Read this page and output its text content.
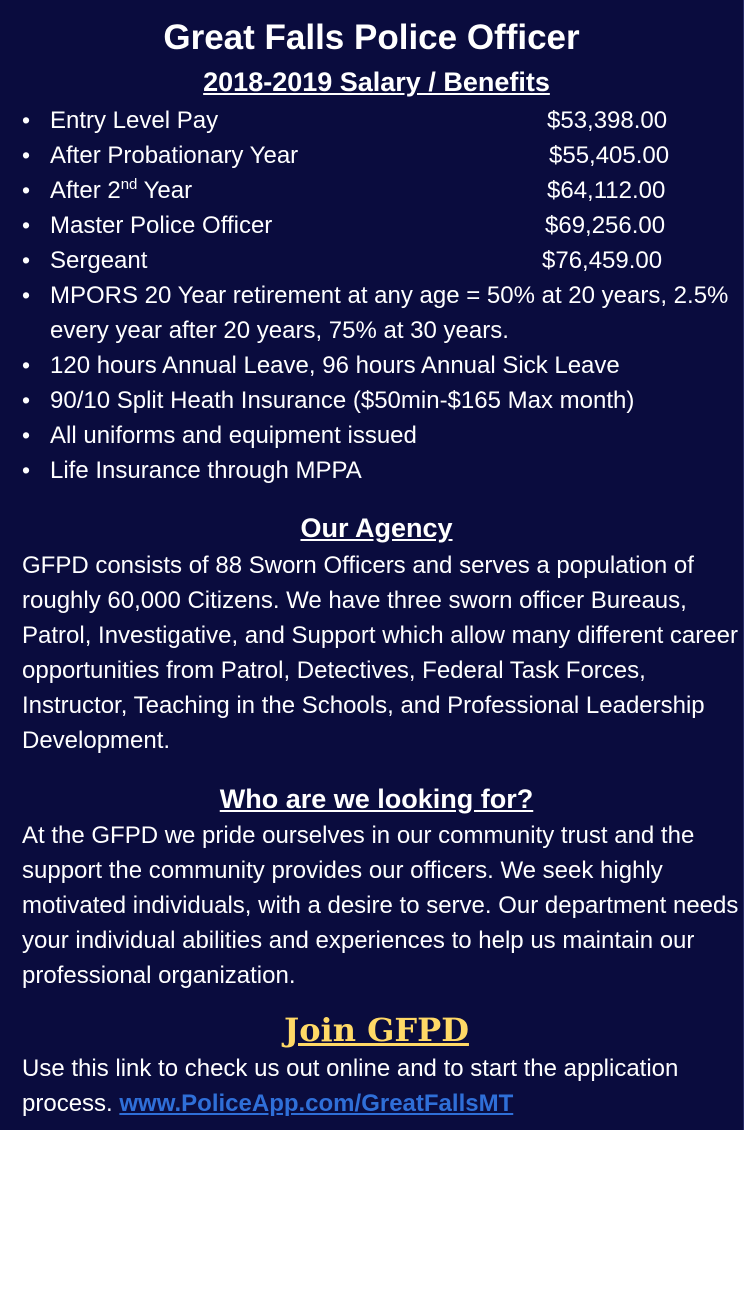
Great Falls Police Officer
2018-2019 Salary / Benefits
• Entry Level Pay	$53,398.00
• After Probationary Year	$55,405.00
• After 2nd Year	$64,112.00
• Master Police Officer	$69,256.00
• Sergeant	$76,459.00
• MPORS 20 Year retirement at any age = 50% at 20 years, 2.5% every year after 20 years, 75% at 30 years.
• 120 hours Annual Leave, 96 hours Annual Sick Leave
• 90/10 Split Heath Insurance ($50min-$165 Max month)
• All uniforms and equipment issued
• Life Insurance through MPPA
Our Agency
GFPD consists of 88 Sworn Officers and serves a population of roughly 60,000 Citizens. We have three sworn officer Bureaus, Patrol, Investigative, and Support which allow many different career opportunities from Patrol, Detectives, Federal Task Forces, Instructor, Teaching in the Schools, and Professional Leadership Development.
Who are we looking for?
At the GFPD we pride ourselves in our community trust and the support the community provides our officers. We seek highly motivated individuals, with a desire to serve. Our department needs your individual abilities and experiences to help us maintain our professional organization.
Join GFPD
Use this link to check us out online and to start the application process. www.PoliceApp.com/GreatFallsMT
